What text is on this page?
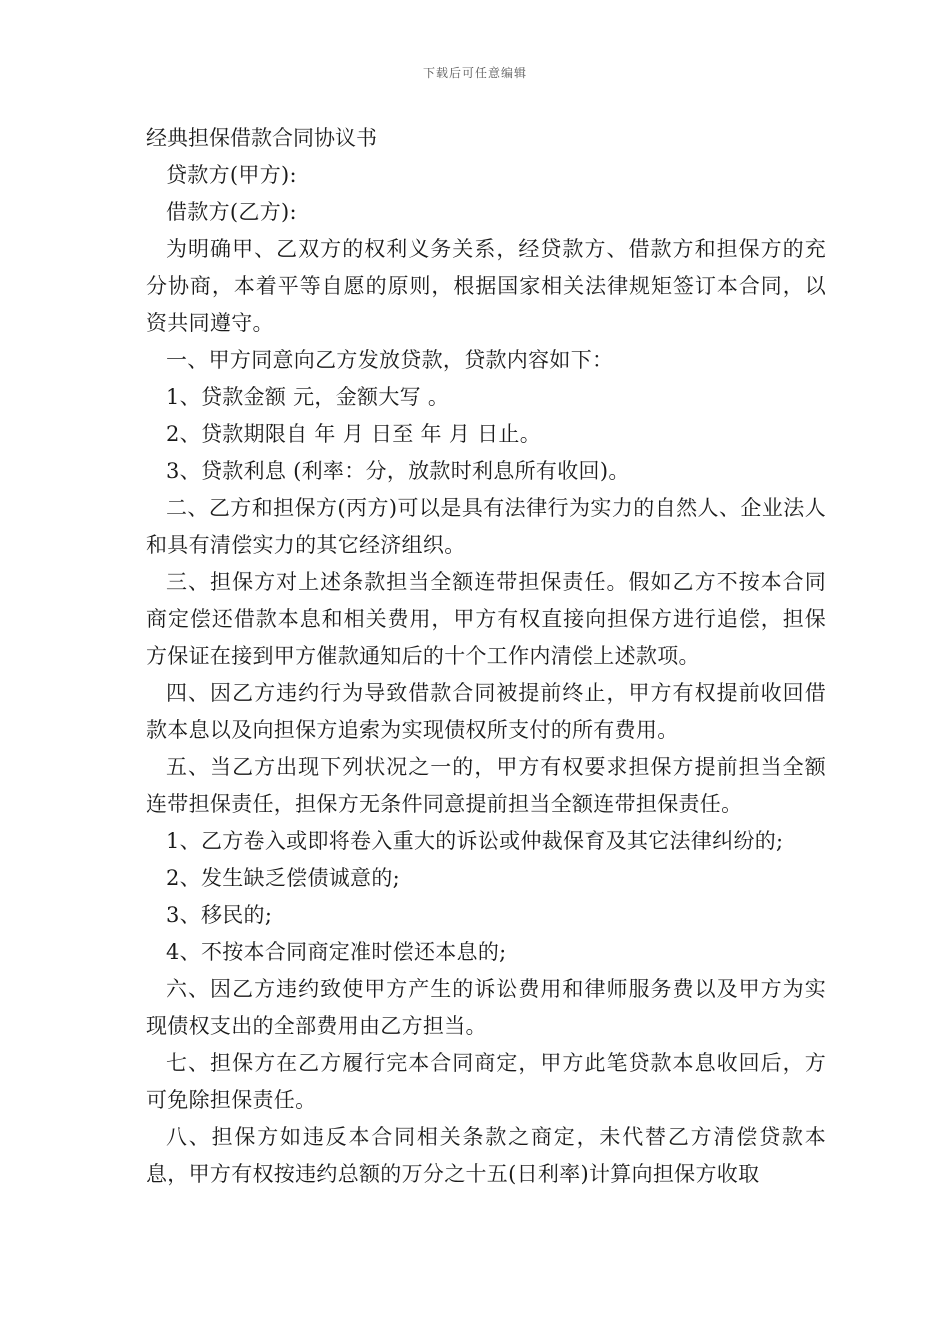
下载后可任意编辑

经典担保借款合同协议书

贷款方(甲方):

借款方(乙方):

为明确甲、乙双方的权利义务关系，经贷款方、借款方和担保方的充分协商，本着平等自愿的原则，根据国家相关法律规矩签订本合同，以资共同遵守。

一、甲方同意向乙方发放贷款，贷款内容如下：

1、贷款金额 元，金额大写 。

2、贷款期限自 年 月 日至 年 月 日止。

3、贷款利息 (利率：分，放款时利息所有收回)。

二、乙方和担保方(丙方)可以是具有法律行为实力的自然人、企业法人和具有清偿实力的其它经济组织。

三、担保方对上述条款担当全额连带担保责任。假如乙方不按本合同商定偿还借款本息和相关费用，甲方有权直接向担保方进行追偿，担保方保证在接到甲方催款通知后的十个工作内清偿上述款项。

四、因乙方违约行为导致借款合同被提前终止，甲方有权提前收回借款本息以及向担保方追索为实现债权所支付的所有费用。

五、当乙方出现下列状况之一的，甲方有权要求担保方提前担当全额连带担保责任，担保方无条件同意提前担当全额连带担保责任。

1、乙方卷入或即将卷入重大的诉讼或仲裁保育及其它法律纠纷的;

2、发生缺乏偿债诚意的;

3、移民的;

4、不按本合同商定准时偿还本息的;

六、因乙方违约致使甲方产生的诉讼费用和律师服务费以及甲方为实现债权支出的全部费用由乙方担当。

七、担保方在乙方履行完本合同商定，甲方此笔贷款本息收回后，方可免除担保责任。

八、担保方如违反本合同相关条款之商定，未代替乙方清偿贷款本息，甲方有权按违约总额的万分之十五(日利率)计算向担保方收取
